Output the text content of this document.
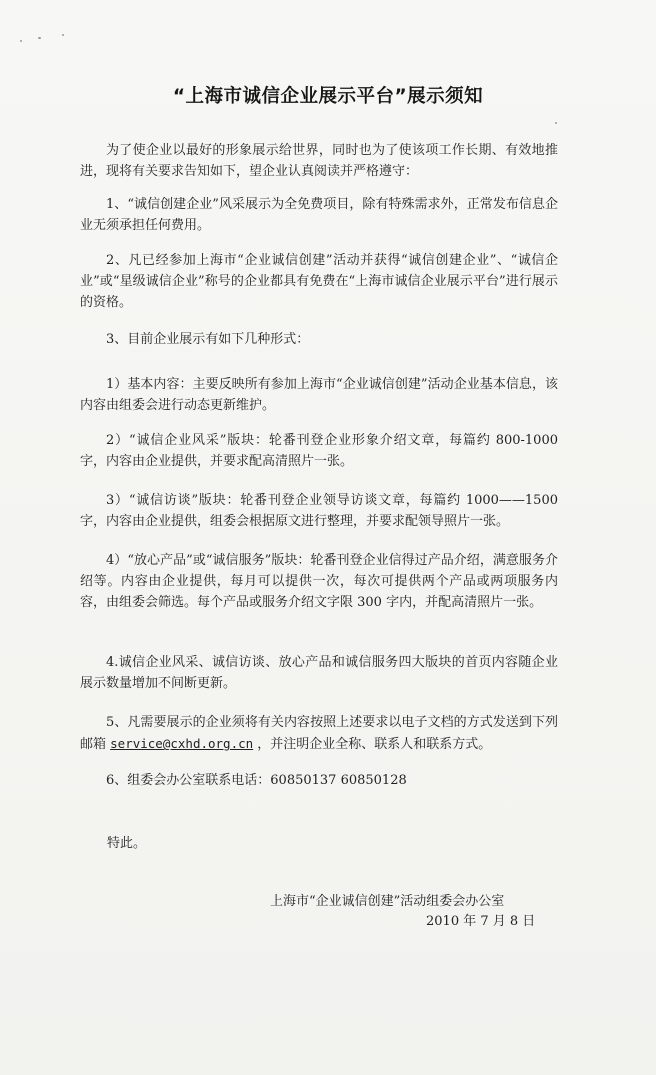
“上海市诚信企业展示平台”展示须知
为了使企业以最好的形象展示给世界，同时也为了使该项工作长期、有效地推进，现将有关要求告知如下，望企业认真阅读并严格遵守：
1、“诚信创建企业”风采展示为全免费项目，除有特殊需求外，正常发布信息企业无须承担任何费用。
2、凡已经参加上海市“企业诚信创建”活动并获得“诚信创建企业”、“诚信企业”或“星级诚信企业”称号的企业都具有免费在“上海市诚信企业展示平台”进行展示的资格。
3、目前企业展示有如下几种形式：
1）基本内容：主要反映所有参加上海市“企业诚信创建”活动企业基本信息，该内容由组委会进行动态更新维护。
2）“诚信企业风采”版块：轮番刊登企业形象介绍文章，每篇约 800-1000 字，内容由企业提供，并要求配高清照片一张。
3）“诚信访谈”版块：轮番刊登企业领导访谈文章，每篇约 1000——1500 字，内容由企业提供，组委会根据原文进行整理，并要求配领导照片一张。
4）“放心产品”或“诚信服务”版块：轮番刊登企业信得过产品介绍，满意服务介绍等。内容由企业提供，每月可以提供一次，每次可提供两个产品或两项服务内容，由组委会筛选。每个产品或服务介绍文字限 300 字内，并配高清照片一张。
4.诚信企业风采、诚信访谈、放心产品和诚信服务四大版块的首页内容随企业展示数量增加不间断更新。
5、凡需要展示的企业须将有关内容按照上述要求以电子文档的方式发送到下列邮箱 service@cxhd.org.cn ，并注明企业全称、联系人和联系方式。
6、组委会办公室联系电话：60850137 60850128
特此。
上海市“企业诚信创建”活动组委会办公室
2010 年 7 月 8 日
